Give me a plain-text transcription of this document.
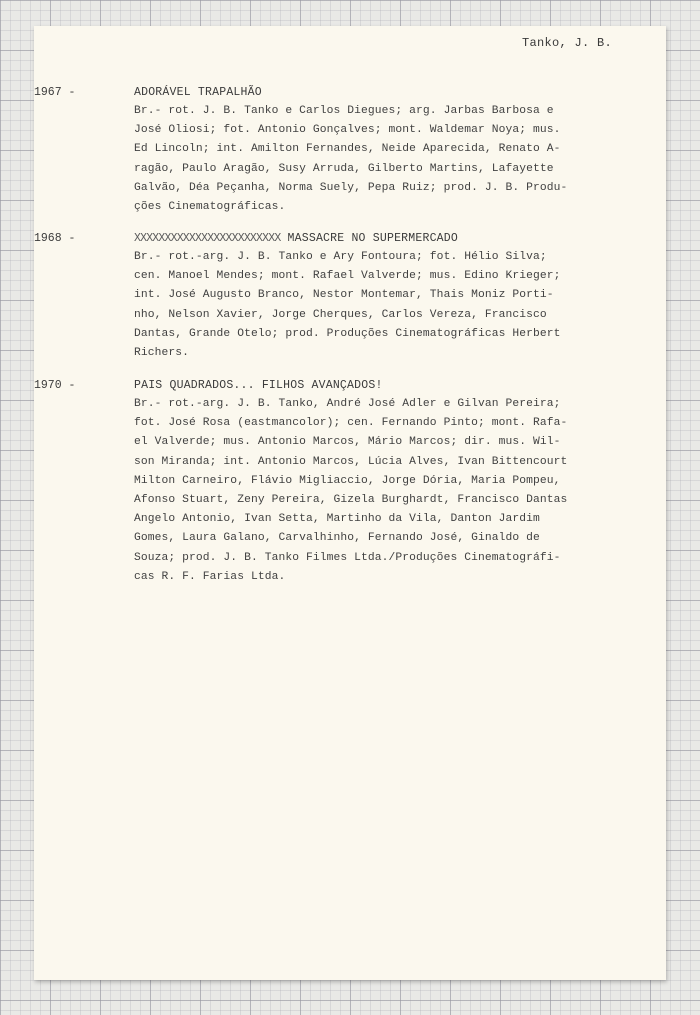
Tanko, J. B.
1967 -	ADORÁVEL TRAPALHÃO
Br.- rot. J. B. Tanko e Carlos Diegues; arg. Jarbas Barbosa e
José Oliosi; fot. Antonio Gonçalves; mont. Waldemar Noya; mus.
Ed Lincoln; int. Amilton Fernandes, Neide Aparecida, Renato A-
ragão, Paulo Aragão, Susy Arruda, Gilberto Martins, Lafayette
Galvão, Déa Peçanha, Norma Suely, Pepa Ruiz; prod. J. B. Produ-
ções Cinematográficas.
1968 -	XXXXXXXXXXXXXXXXXXXXXXXX MASSACRE NO SUPERMERCADO
Br.- rot.-arg. J. B. Tanko e Ary Fontoura; fot. Hélio Silva;
cen. Manoel Mendes; mont. Rafael Valverde; mus. Edino Krieger;
int. José Augusto Branco, Nestor Montemar, Thais Moniz Porti-
nho, Nelson Xavier, Jorge Cherques, Carlos Vereza, Francisco
Dantas, Grande Otelo; prod. Produções Cinematográficas Herbert
Richers.
1970 -	PAIS QUADRADOS... FILHOS AVANÇADOS!
Br.- rot.-arg. J. B. Tanko, André José Adler e Gilvan Pereira;
fot. José Rosa (eastmancolor); cen. Fernando Pinto; mont. Rafa-
el Valverde; mus. Antonio Marcos, Mário Marcos; dir. mus. Wil-
son Miranda; int. Antonio Marcos, Lúcia Alves, Ivan Bittencourt
Milton Carneiro, Flávio Migliaccio, Jorge Dória, Maria Pompeu,
Afonso Stuart, Zeny Pereira, Gizela Burghardt, Francisco Dantas
Angelo Antonio, Ivan Setta, Martinho da Vila, Danton Jardim
Gomes, Laura Galano, Carvalhinho, Fernando José, Ginaldo de
Souza; prod. J. B. Tanko Filmes Ltda./Produções Cinematográfi-
cas R. F. Farias Ltda.
